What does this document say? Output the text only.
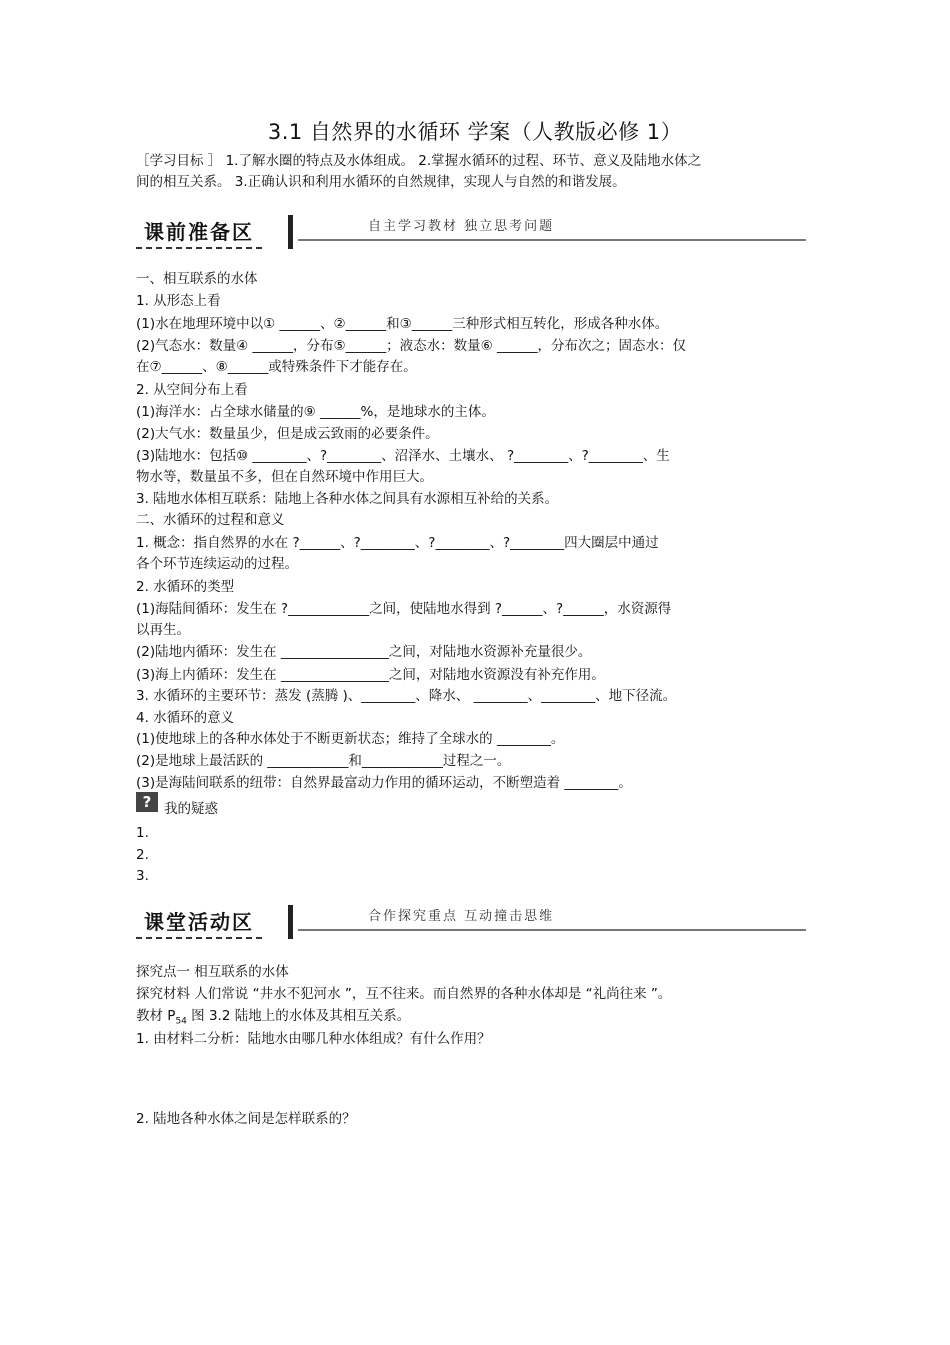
3.1 自然界的水循环 学案（人教版必修 1）
［学习目标 ］ 1.了解水圈的特点及水体组成。 2.掌握水循环的过程、环节、意义及陆地水体之
间的相互关系。 3.正确认识和利用水循环的自然规律，实现人与自然的和谐发展。
课前准备区	自主学习教材 独立思考问题
一、相互联系的水体
1. 从形态上看
(1)水在地理环境中以① ______、②______和③______三种形式相互转化，形成各种水体。
(2)气态水：数量④ ______，分布⑤______；液态水：数量⑥ ______，分布次之；固态水：仅
在⑦______、⑧______或特殊条件下才能存在。
2. 从空间分布上看
(1)海洋水：占全球水储量的⑨ ______%，是地球水的主体。
(2)大气水：数量虽少，但是成云致雨的必要条件。
(3)陆地水：包括⑩ ________、?________、沼泽水、土壤水、 ?________、?________、生
物水等，数量虽不多，但在自然环境中作用巨大。
3. 陆地水体相互联系：陆地上各种水体之间具有水源相互补给的关系。
二、水循环的过程和意义
1. 概念：指自然界的水在 ?______、?________、?________、?________四大圈层中通过
各个环节连续运动的过程。
2. 水循环的类型
(1)海陆间循环：发生在 ?____________之间，使陆地水得到 ?______、?______，水资源得
以再生。
(2)陆地内循环：发生在 ________________之间，对陆地水资源补充量很少。
(3)海上内循环：发生在 ________________之间，对陆地水资源没有补充作用。
3. 水循环的主要环节：蒸发 (蒸腾 )、________、降水、 ________、________、地下径流。
4. 水循环的意义
(1)使地球上的各种水体处于不断更新状态；维持了全球水的 ________。
(2)是地球上最活跃的 ____________和____________过程之一。
(3)是海陆间联系的纽带：自然界最富动力作用的循环运动，不断塑造着 ________。
? 我的疑惑
1.
2.
3.
课堂活动区	合作探究重点 互动撞击思维
探究点一 相互联系的水体
探究材料 人们常说 “井水不犯河水 ”，互不往来。而自然界的各种水体却是 “礼尚往来 ”。
教材 $P_{54}$ 图 3.2 陆地上的水体及其相互关系。
1. 由材料二分析：陆地水由哪几种水体组成？有什么作用？
2. 陆地各种水体之间是怎样联系的？
